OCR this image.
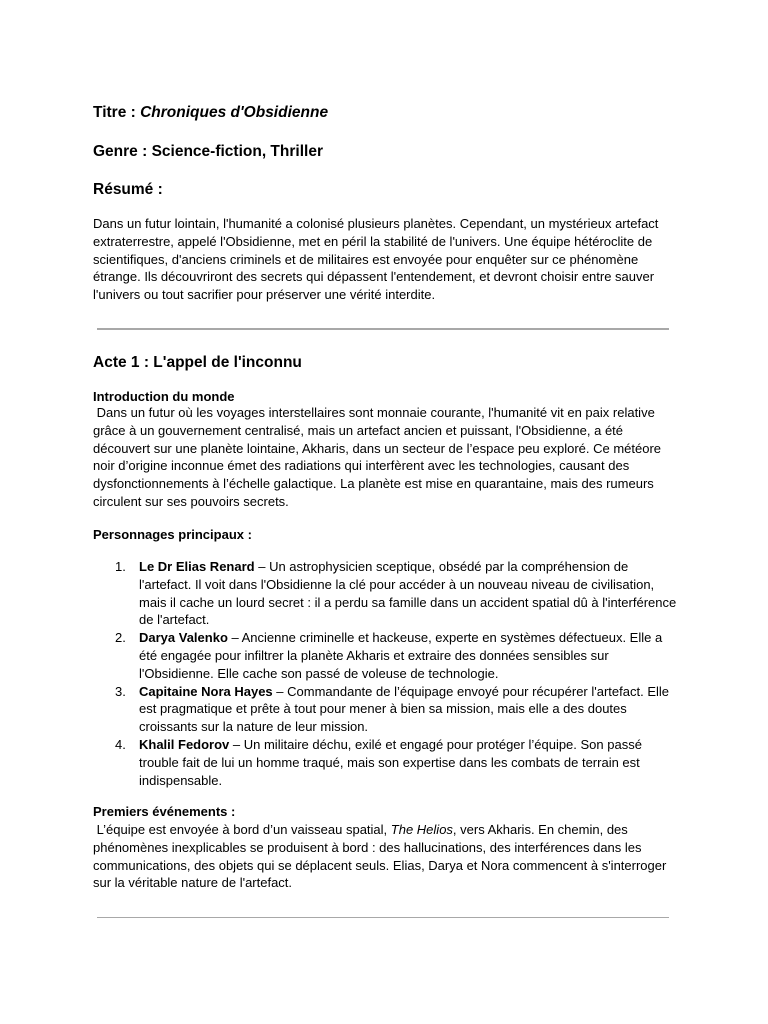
Titre : Chroniques d'Obsidienne
Genre : Science-fiction, Thriller
Résumé :
Dans un futur lointain, l'humanité a colonisé plusieurs planètes. Cependant, un mystérieux artefact extraterrestre, appelé l'Obsidienne, met en péril la stabilité de l'univers. Une équipe hétéroclite de scientifiques, d'anciens criminels et de militaires est envoyée pour enquêter sur ce phénomène étrange. Ils découvriront des secrets qui dépassent l'entendement, et devront choisir entre sauver l'univers ou tout sacrifier pour préserver une vérité interdite.
Acte 1 : L'appel de l'inconnu
Introduction du monde
Dans un futur où les voyages interstellaires sont monnaie courante, l'humanité vit en paix relative grâce à un gouvernement centralisé, mais un artefact ancien et puissant, l'Obsidienne, a été découvert sur une planète lointaine, Akharis, dans un secteur de l’espace peu exploré. Ce météore noir d’origine inconnue émet des radiations qui interfèrent avec les technologies, causant des dysfonctionnements à l’échelle galactique. La planète est mise en quarantaine, mais des rumeurs circulent sur ses pouvoirs secrets.
Personnages principaux :
1. Le Dr Elias Renard – Un astrophysicien sceptique, obsédé par la compréhension de l'artefact. Il voit dans l'Obsidienne la clé pour accéder à un nouveau niveau de civilisation, mais il cache un lourd secret : il a perdu sa famille dans un accident spatial dû à l'interférence de l'artefact.
2. Darya Valenko – Ancienne criminelle et hackeuse, experte en systèmes défectueux. Elle a été engagée pour infiltrer la planète Akharis et extraire des données sensibles sur l'Obsidienne. Elle cache son passé de voleuse de technologie.
3. Capitaine Nora Hayes – Commandante de l’équipage envoyé pour récupérer l'artefact. Elle est pragmatique et prête à tout pour mener à bien sa mission, mais elle a des doutes croissants sur la nature de leur mission.
4. Khalil Fedorov – Un militaire déchu, exilé et engagé pour protéger l’équipe. Son passé trouble fait de lui un homme traqué, mais son expertise dans les combats de terrain est indispensable.
Premiers événements :
L’équipe est envoyée à bord d’un vaisseau spatial, The Helios, vers Akharis. En chemin, des phénomènes inexplicables se produisent à bord : des hallucinations, des interférences dans les communications, des objets qui se déplacent seuls. Elias, Darya et Nora commencent à s'interroger sur la véritable nature de l'artefact.
